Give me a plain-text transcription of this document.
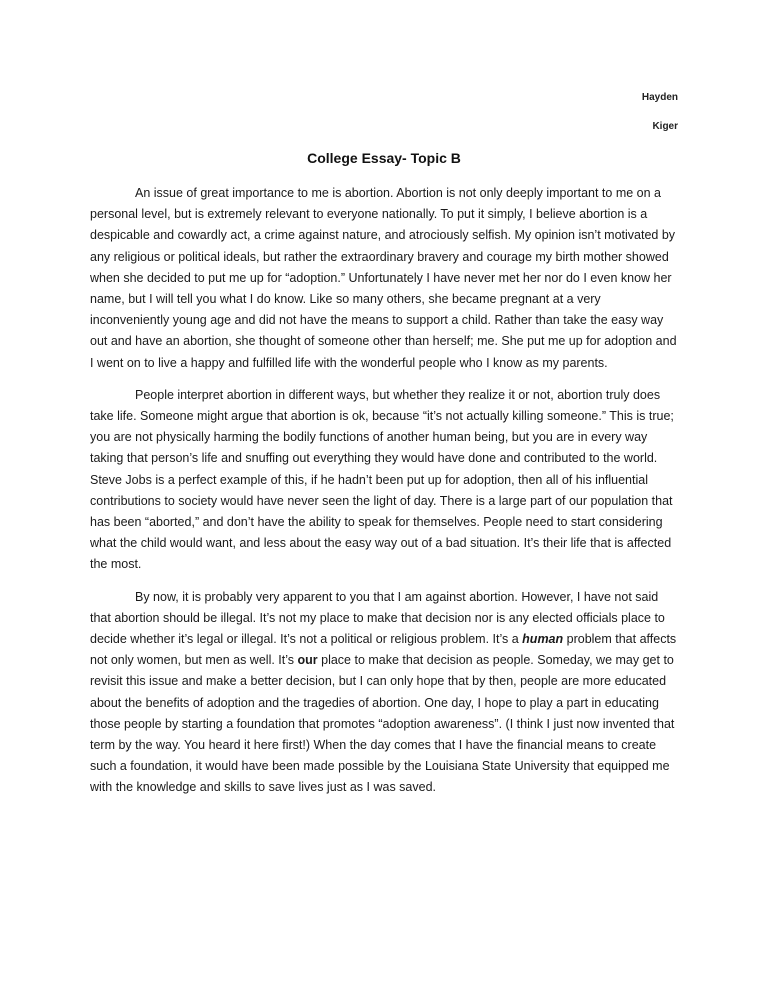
Hayden
Kiger
College Essay- Topic B

An issue of great importance to me is abortion. Abortion is not only deeply important to me on a personal level, but is extremely relevant to everyone nationally. To put it simply, I believe abortion is a despicable and cowardly act, a crime against nature, and atrociously selfish. My opinion isn’t motivated by any religious or political ideals, but rather the extraordinary bravery and courage my birth mother showed when she decided to put me up for “adoption.” Unfortunately I have never met her nor do I even know her name, but I will tell you what I do know. Like so many others, she became pregnant at a very inconveniently young age and did not have the means to support a child. Rather than take the easy way out and have an abortion, she thought of someone other than herself; me. She put me up for adoption and I went on to live a happy and fulfilled life with the wonderful people who I know as my parents.

People interpret abortion in different ways, but whether they realize it or not, abortion truly does take life. Someone might argue that abortion is ok, because “it’s not actually killing someone.” This is true; you are not physically harming the bodily functions of another human being, but you are in every way taking that person’s life and snuffing out everything they would have done and contributed to the world. Steve Jobs is a perfect example of this, if he hadn’t been put up for adoption, then all of his influential contributions to society would have never seen the light of day. There is a large part of our population that has been “aborted,” and don’t have the ability to speak for themselves. People need to start considering what the child would want, and less about the easy way out of a bad situation. It’s their life that is affected the most.

By now, it is probably very apparent to you that I am against abortion. However, I have not said that abortion should be illegal. It’s not my place to make that decision nor is any elected officials place to decide whether it’s legal or illegal. It’s not a political or religious problem. It’s a human problem that affects not only women, but men as well. It’s our place to make that decision as people. Someday, we may get to revisit this issue and make a better decision, but I can only hope that by then, people are more educated about the benefits of adoption and the tragedies of abortion. One day, I hope to play a part in educating those people by starting a foundation that promotes “adoption awareness”. (I think I just now invented that term by the way. You heard it here first!) When the day comes that I have the financial means to create such a foundation, it would have been made possible by the Louisiana State University that equipped me with the knowledge and skills to save lives just as I was saved.
